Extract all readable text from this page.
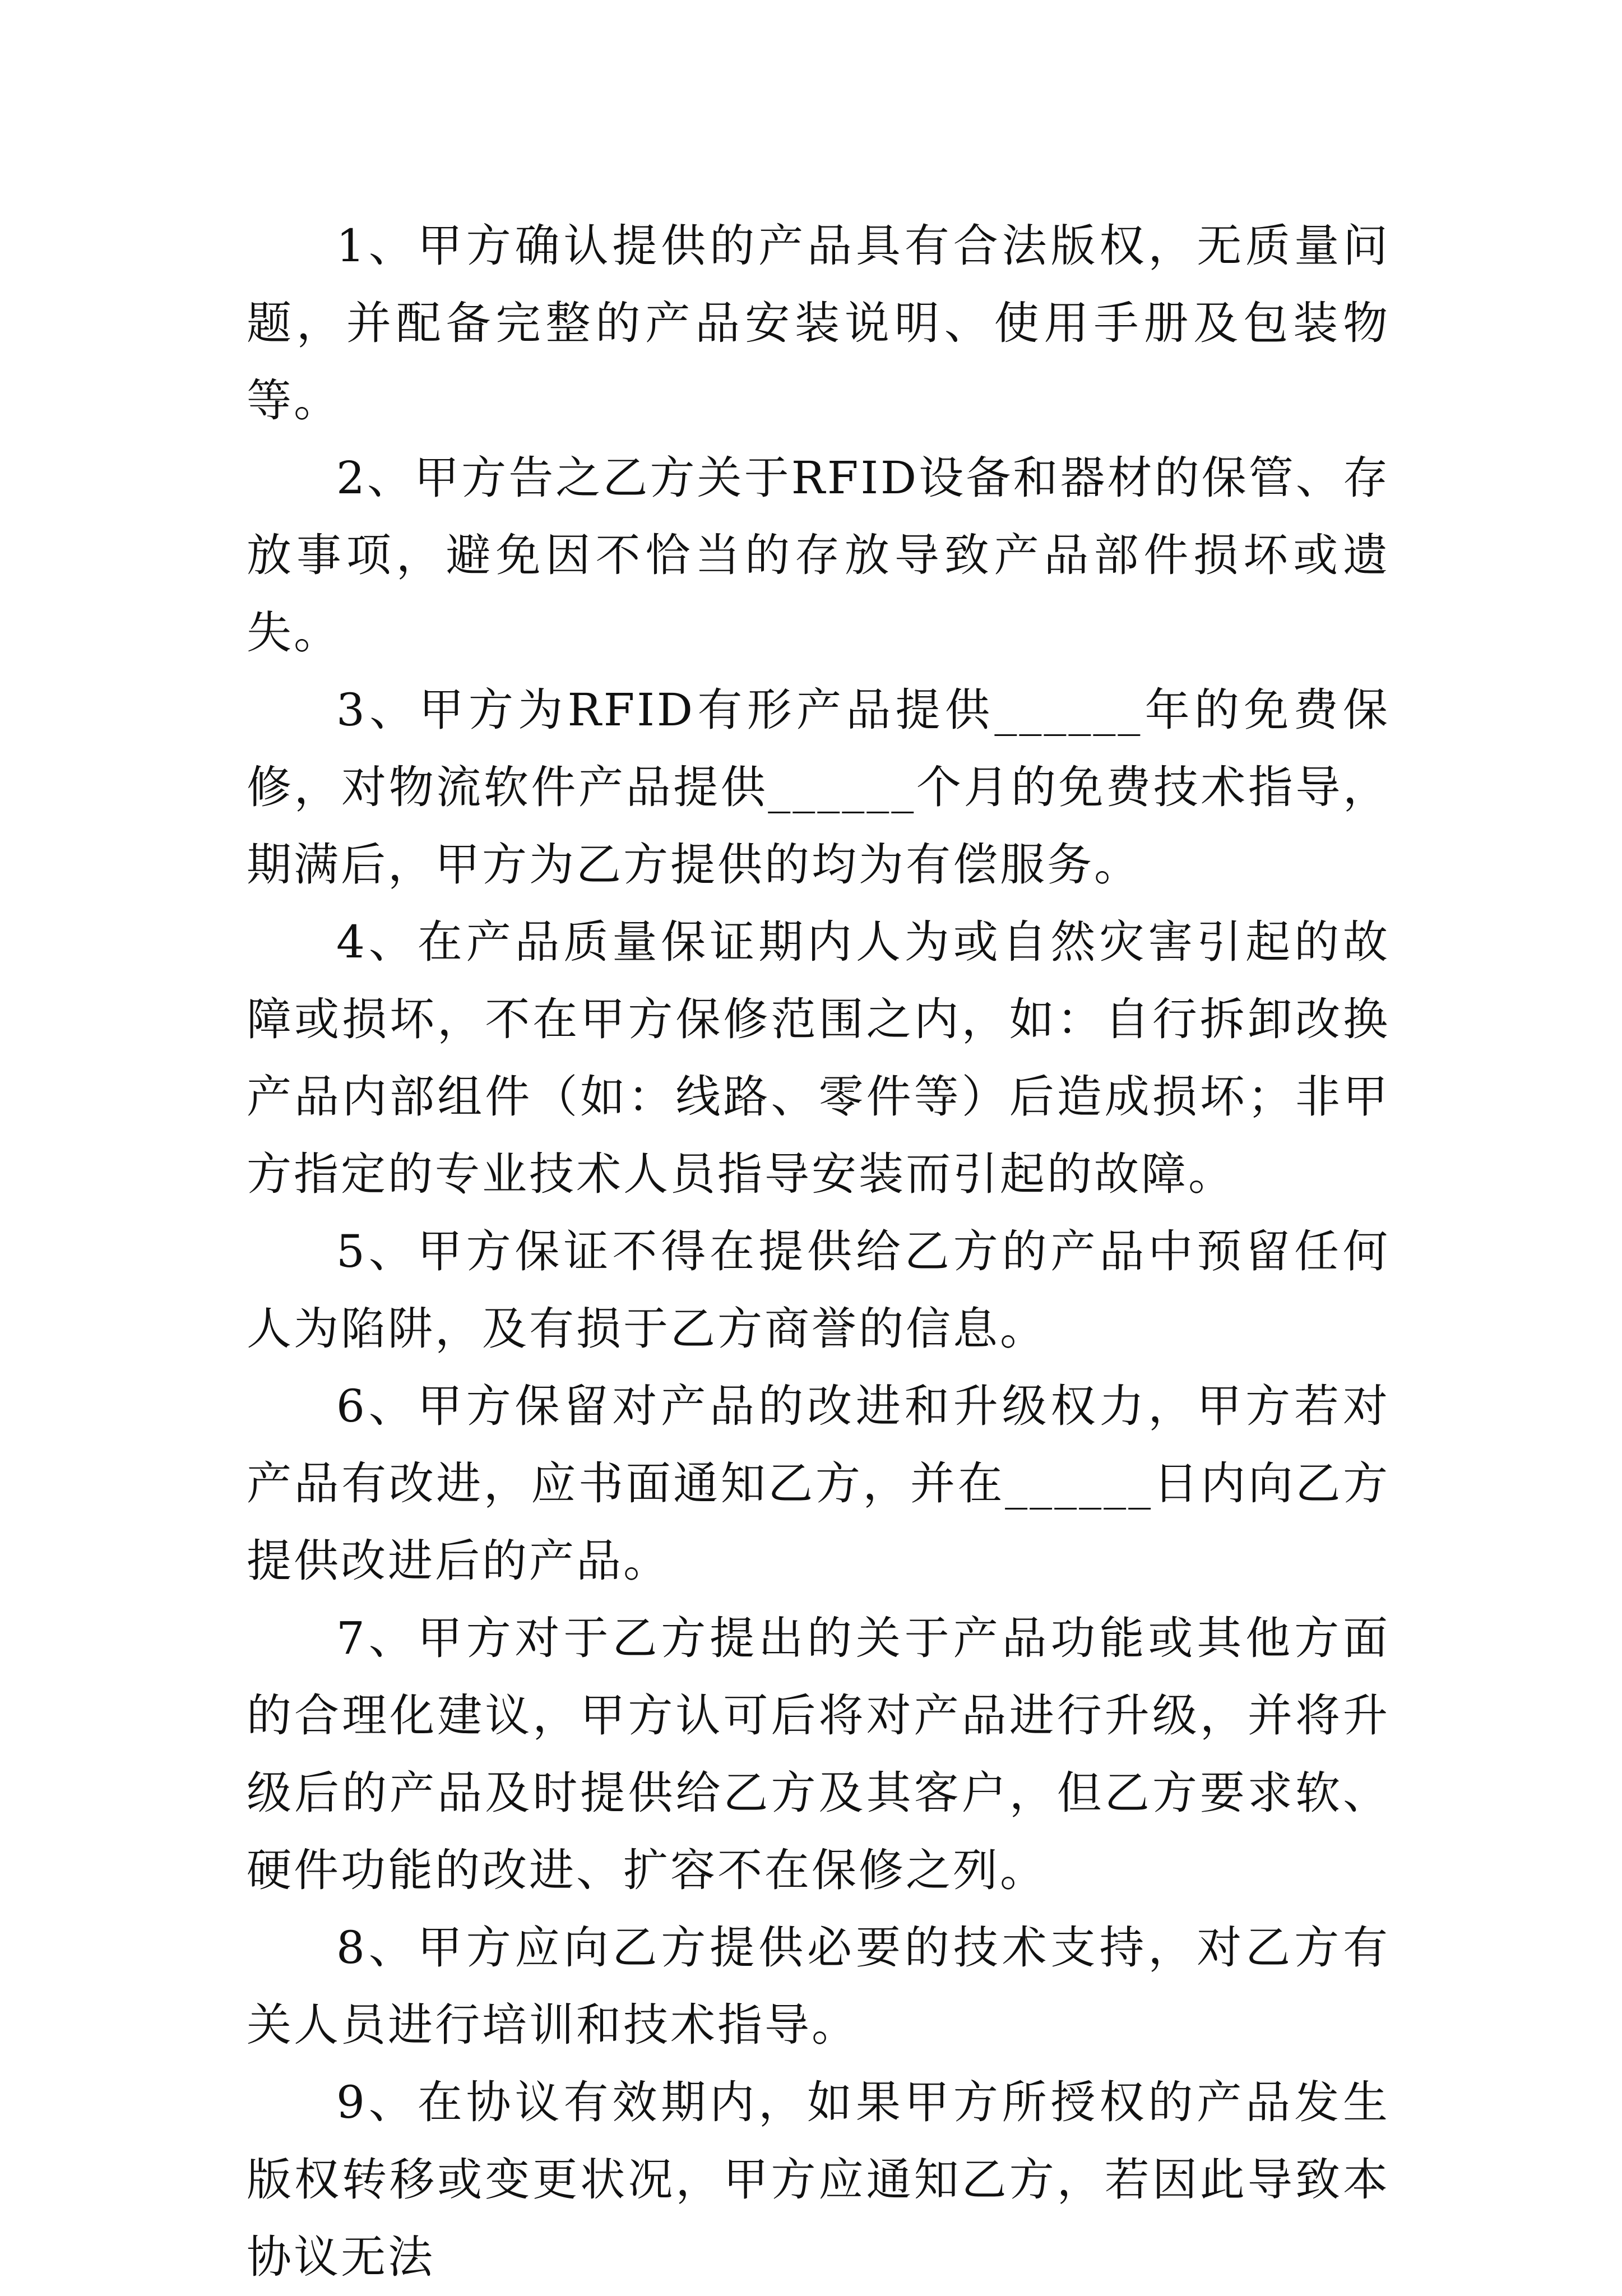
1、甲方确认提供的产品具有合法版权，无质量问题，并配备完整的产品安装说明、使用手册及包装物等。

2、甲方告之乙方关于RFID设备和器材的保管、存放事项，避免因不恰当的存放导致产品部件损坏或遗失。

3、甲方为RFID有形产品提供______年的免费保修，对物流软件产品提供______个月的免费技术指导，期满后，甲方为乙方提供的均为有偿服务。

4、在产品质量保证期内人为或自然灾害引起的故障或损坏，不在甲方保修范围之内，如：自行拆卸改换产品内部组件（如：线路、零件等）后造成损坏；非甲方指定的专业技术人员指导安装而引起的故障。

5、甲方保证不得在提供给乙方的产品中预留任何人为陷阱，及有损于乙方商誉的信息。

6、甲方保留对产品的改进和升级权力，甲方若对产品有改进，应书面通知乙方，并在______日内向乙方提供改进后的产品。

7、甲方对于乙方提出的关于产品功能或其他方面的合理化建议，甲方认可后将对产品进行升级，并将升级后的产品及时提供给乙方及其客户，但乙方要求软、硬件功能的改进、扩容不在保修之列。

8、甲方应向乙方提供必要的技术支持，对乙方有关人员进行培训和技术指导。

9、在协议有效期内，如果甲方所授权的产品发生版权转移或变更状况，甲方应通知乙方，若因此导致本协议无法
